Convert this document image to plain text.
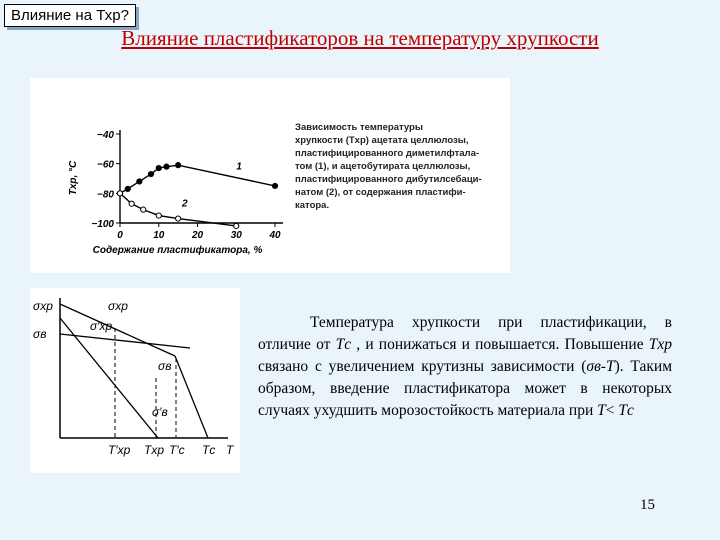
Влияние на Тхр?
Влияние пластификаторов на температуру хрупкости
−40
−60
−80
−100
0	10	20	30	40
Tхр, °С
Содержание пластификатора, %
1
2
Зависимость температуры
хрупкости (Tхр) ацетата целлюлозы,
пластифицированного диметилфтала-
том (1), и ацетобутирата целлюлозы,
пластифицированного дибутилсебаци-
натом (2), от содержания пластифи-
катора.
σхр
σв
σхр
σ′хр
σв
σ′в
T′хр Tхр T′с Tс T
Температура хрупкости при пластификации, в отличие от Tс , и понижаться и повышается. Повышение Tхр связано с увеличением крутизны зависимости (σв-T). Таким образом, введение пластификатора может в некоторых случаях ухудшить морозостойкость материала при T< Tс
15
